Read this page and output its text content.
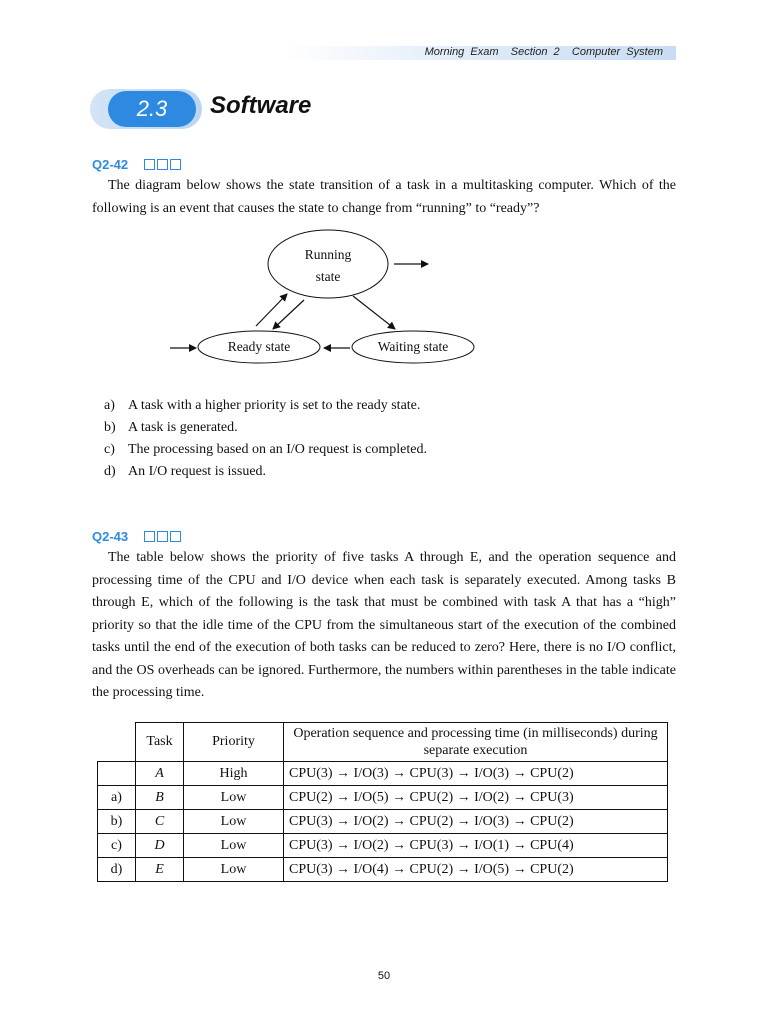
Morning  Exam    Section  2    Computer  System
2.3	Software
Q2-42
The diagram below shows the state transition of a task in a multitasking computer. Which of the following is an event that causes the state to change from “running” to “ready”?
Running
state
Ready state	Waiting state
a) A task with a higher priority is set to the ready state.
b) A task is generated.
c) The processing based on an I/O request is completed.
d) An I/O request is issued.
Q2-43
The table below shows the priority of five tasks A through E, and the operation sequence and processing time of the CPU and I/O device when each task is separately executed. Among tasks B through E, which of the following is the task that must be combined with task A that has a “high” priority so that the idle time of the CPU from the simultaneous start of the execution of the combined tasks until the end of the execution of both tasks can be reduced to zero? Here, there is no I/O conflict, and the OS overheads can be ignored. Furthermore, the numbers within parentheses in the table indicate the processing time.
	Task	Priority	Operation sequence and processing time (in milliseconds) during separate execution
	A	High	CPU(3) → I/O(3) → CPU(3) → I/O(3) → CPU(2)
a)	B	Low	CPU(2) → I/O(5) → CPU(2) → I/O(2) → CPU(3)
b)	C	Low	CPU(3) → I/O(2) → CPU(2) → I/O(3) → CPU(2)
c)	D	Low	CPU(3) → I/O(2) → CPU(3) → I/O(1) → CPU(4)
d)	E	Low	CPU(3) → I/O(4) → CPU(2) → I/O(5) → CPU(2)
50
